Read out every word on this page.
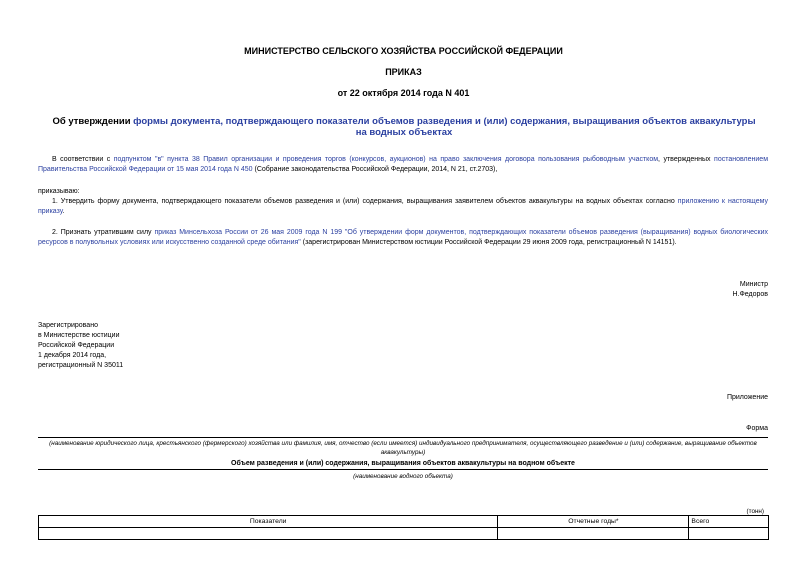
МИНИСТЕРСТВО СЕЛЬСКОГО ХОЗЯЙСТВА РОССИЙСКОЙ ФЕДЕРАЦИИ
ПРИКАЗ
от 22 октября 2014 года N 401
Об утверждении формы документа, подтверждающего показатели объемов разведения и (или) содержания, выращивания объектов аквакультуры на водных объектах
В соответствии с подпунктом "в" пункта 38 Правил организации и проведения торгов (конкурсов, аукционов) на право заключения договора пользования рыбоводным участком, утвержденных постановлением Правительства Российской Федерации от 15 мая 2014 года N 450 (Собрание законодательства Российской Федерации, 2014, N 21, ст.2703),
приказываю:
1. Утвердить форму документа, подтверждающего показатели объемов разведения и (или) содержания, выращивания заявителем объектов аквакультуры на водных объектах согласно приложению к настоящему приказу.
2. Признать утратившим силу приказ Минсельхоза России от 26 мая 2009 года N 199 "Об утверждении форм документов, подтверждающих показатели объемов разведения (выращивания) водных биологических ресурсов в полувольных условиях или искусственно созданной среде обитания" (зарегистрирован Министерством юстиции Российской Федерации 29 июня 2009 года, регистрационный N 14151).
Министр
Н.Федоров
Зарегистрировано
в Министерстве юстиции
Российской Федерации
1 декабря 2014 года,
регистрационный N 35011
Приложение
Форма
(наименование юридического лица, крестьянского (фермерского) хозяйства или фамилия, имя, отчество (если имеется) индивидуального предпринимателя, осуществляющего разведение и (или) содержание, выращивание объектов аквакультуры)
Объем разведения и (или) содержания, выращивания объектов аквакультуры на водном объекте
(наименование водного объекта)
(тонн)
Показатели	Отчетные годы*	Всего
